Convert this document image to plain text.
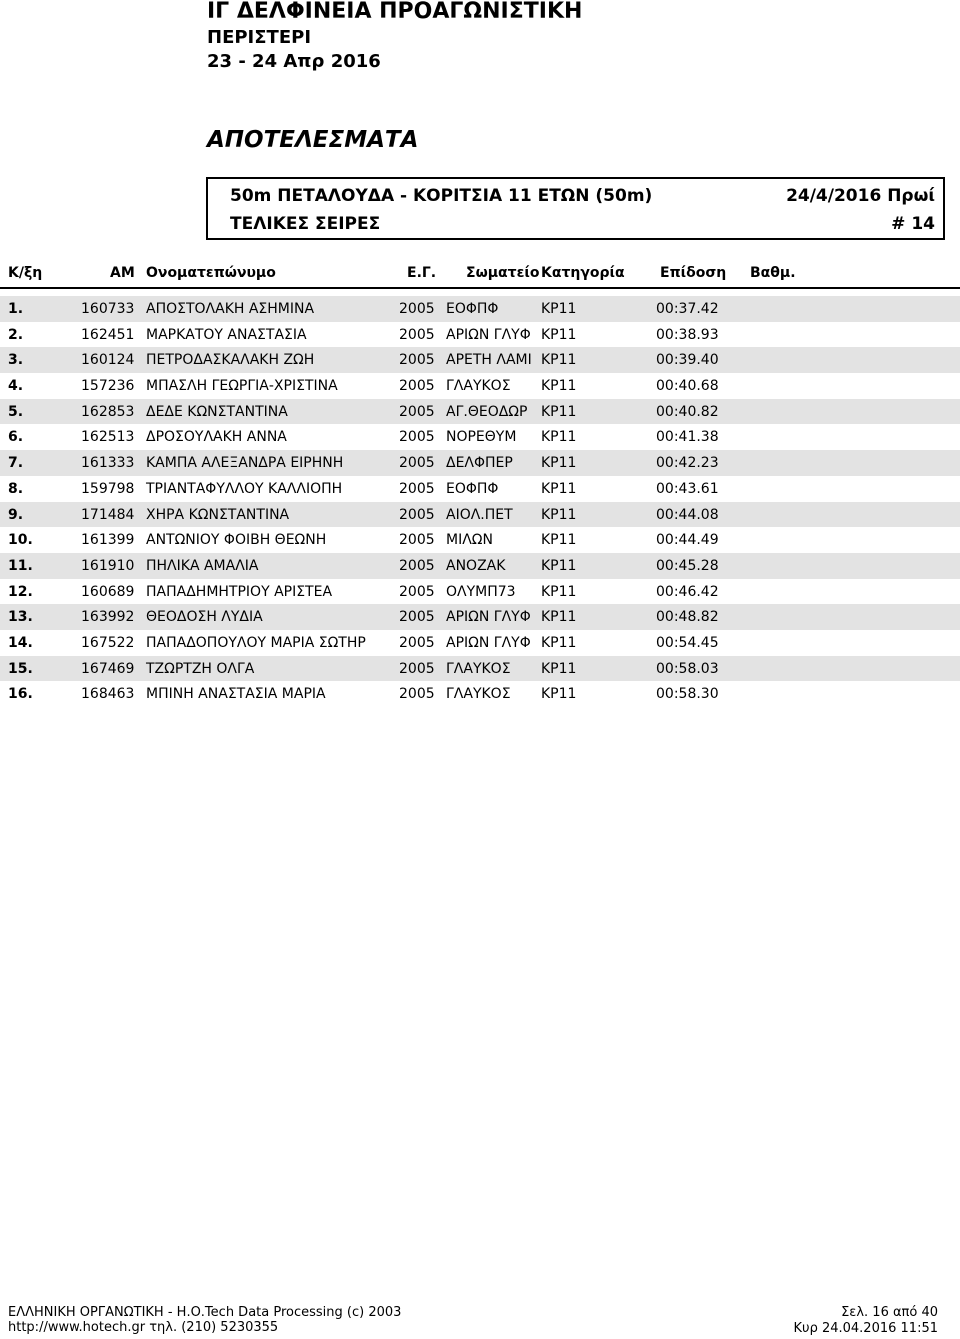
ΙΓ ΔΕΛΦΙΝΕΙΑ ΠΡΟΑΓΩΝΙΣΤΙΚΗ
ΠΕΡΙΣΤΕΡΙ
23 - 24 Απρ 2016
ΑΠΟΤΕΛΕΣΜΑΤΑ
50m ΠΕΤΑΛΟΥΔΑ - ΚΟΡΙΤΣΙΑ 11 ΕΤΩΝ (50m)
ΤΕΛΙΚΕΣ ΣΕΙΡΕΣ
24/4/2016 Πρωί
# 14
Κ/ξη	ΑΜ Ονοματεπώνυμο	Ε.Γ. Σωματείο Κατηγορία	Επίδοση Βαθμ.
1.	160733 ΑΠΟΣΤΟΛΑΚΗ ΑΣΗΜΙΝΑ	2005 ΕΟΦΠΦ	ΚΡ11	00:37.42
2.	162451 ΜΑΡΚΑΤΟΥ ΑΝΑΣΤΑΣΙΑ	2005 ΑΡΙΩΝ ΓΛΥΦ ΚΡ11	00:38.93
3.	160124 ΠΕΤΡΟΔΑΣΚΑΛΑΚΗ ΖΩΗ	2005 ΑΡΕΤΗ ΛΑΜΙ ΚΡ11	00:39.40
4.	157236 ΜΠΑΣΛΗ ΓΕΩΡΓΙΑ-ΧΡΙΣΤΙΝΑ	2005 ΓΛΑΥΚΟΣ ΚΡ11	00:40.68
5.	162853 ΔΕΔΕ ΚΩΝΣΤΑΝΤΙΝΑ	2005 ΑΓ.ΘΕΟΔΩΡ ΚΡ11	00:40.82
6.	162513 ΔΡΟΣΟΥΛΑΚΗ ΑΝΝΑ	2005 ΝΟΡΕΘΥΜ ΚΡ11	00:41.38
7.	161333 ΚΑΜΠΑ ΑΛΕΞΑΝΔΡΑ ΕΙΡΗΝΗ	2005 ΔΕΛΦΠΕΡ ΚΡ11	00:42.23
8.	159798 ΤΡΙΑΝΤΑΦΥΛΛΟΥ ΚΑΛΛΙΟΠΗ	2005 ΕΟΦΠΦ	ΚΡ11	00:43.61
9.	171484 ΧΗΡΑ ΚΩΝΣΤΑΝΤΙΝΑ	2005 ΑΙΟΛ.ΠΕΤ ΚΡ11	00:44.08
10.	161399 ΑΝΤΩΝΙΟΥ ΦΟΙΒΗ ΘΕΩΝΗ	2005 ΜΙΛΩΝ	ΚΡ11	00:44.49
11.	161910 ΠΗΛΙΚΑ ΑΜΑΛΙΑ	2005 ΑΝΟΖΑΚ	ΚΡ11	00:45.28
12.	160689 ΠΑΠΑΔΗΜΗΤΡΙΟΥ ΑΡΙΣΤΕΑ	2005 ΟΛΥΜΠ73 ΚΡ11	00:46.42
13.	163992 ΘΕΟΔΟΣΗ ΛΥΔΙΑ	2005 ΑΡΙΩΝ ΓΛΥΦ ΚΡ11	00:48.82
14.	167522 ΠΑΠΑΔΟΠΟΥΛΟΥ ΜΑΡΙΑ ΣΩΤΗΡ 2005 ΑΡΙΩΝ ΓΛΥΦ ΚΡ11	00:54.45
15.	167469 ΤΖΩΡΤΖΗ ΟΛΓΑ	2005 ΓΛΑΥΚΟΣ ΚΡ11	00:58.03
16.	168463 ΜΠΙΝΗ ΑΝΑΣΤΑΣΙΑ ΜΑΡΙΑ	2005 ΓΛΑΥΚΟΣ ΚΡ11	00:58.30
ΕΛΛΗΝΙΚΗ ΟΡΓΑΝΩΤΙΚΗ - Η.Ο.Tech Data Processing (c) 2003
http://www.hotech.gr τηλ. (210) 5230355
Σελ. 16 από 40
Κυρ 24.04.2016 11:51
